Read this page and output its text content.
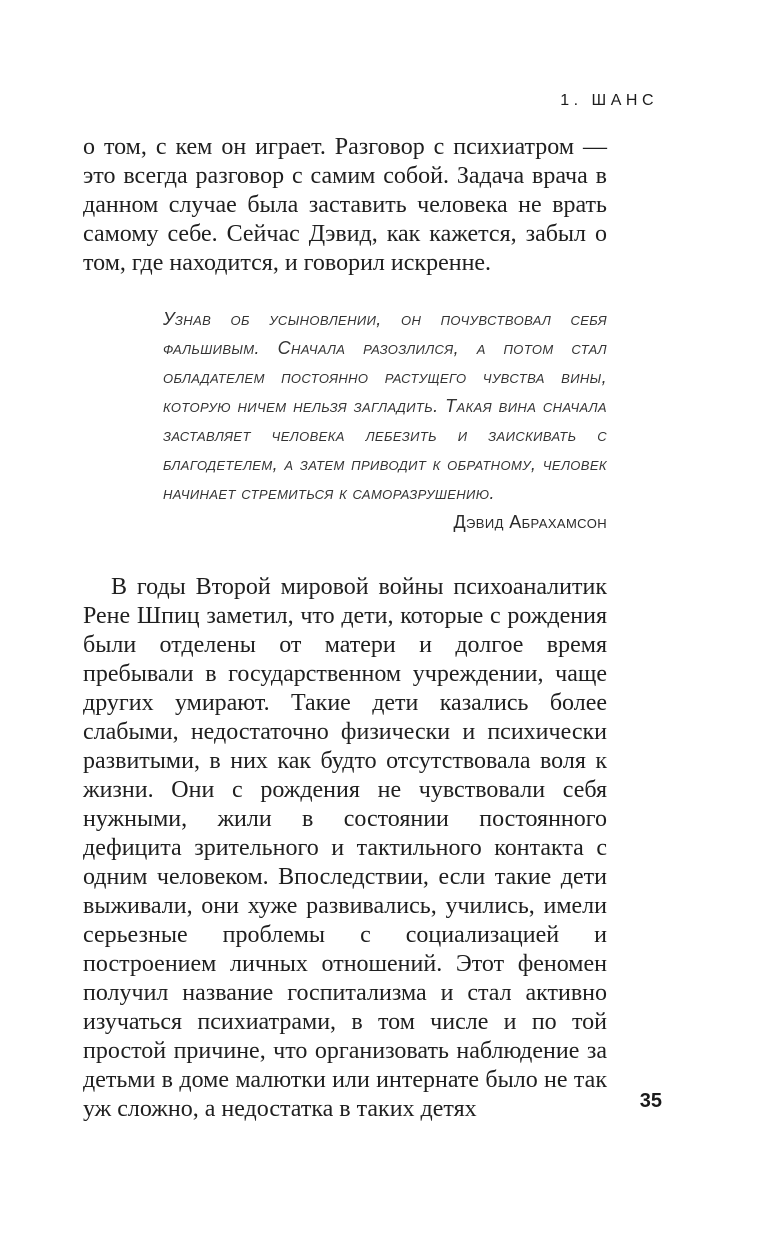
1. ШАНС

о том, с кем он играет. Разговор с психиатром — это всегда разговор с самим собой. Задача врача в данном случае была заставить человека не врать самому себе. Сейчас Дэвид, как кажется, забыл о том, где находится, и говорил искренне.

Узнав об усыновлении, он почувствовал себя фальшивым. Сначала разозлился, а потом стал обладателем постоянно растущего чувства вины, которую ничем нельзя загладить. Такая вина сначала заставляет человека лебезить и заискивать с благодетелем, а затем приводит к обратному, человек начинает стремиться к саморазрушению.

Дэвид Абрахамсон

В годы Второй мировой войны психоаналитик Рене Шпиц заметил, что дети, которые с рождения были отделены от матери и долгое время пребывали в государственном учреждении, чаще других умирают. Такие дети казались более слабыми, недостаточно физически и психически развитыми, в них как будто отсутствовала воля к жизни. Они с рождения не чувствовали себя нужными, жили в состоянии постоянного дефицита зрительного и тактильного контакта с одним человеком. Впоследствии, если такие дети выживали, они хуже развивались, учились, имели серьезные проблемы с социализацией и построением личных отношений. Этот феномен получил название госпитализма и стал активно изучаться психиатрами, в том числе и по той простой причине, что организовать наблюдение за детьми в доме малютки или интернате было не так уж сложно, а недостатка в таких детях	35
